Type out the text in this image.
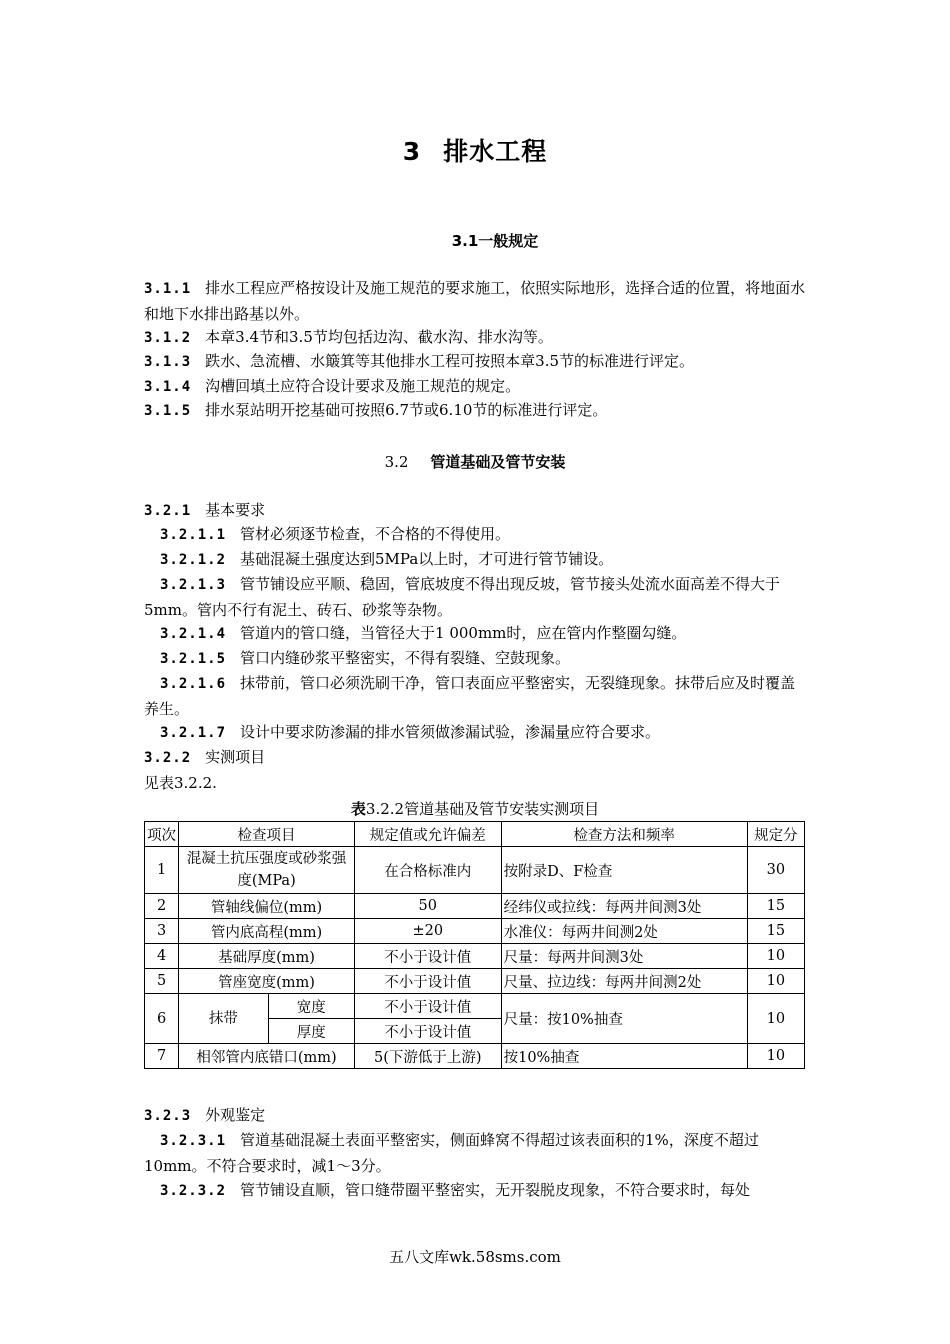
3 排水工程
3.1一般规定
3.1.1 排水工程应严格按设计及施工规范的要求施工，依照实际地形，选择合适的位置，将地面水和地下水排出路基以外。
3.1.2 本章3.4节和3.5节均包括边沟、截水沟、排水沟等。
3.1.3 跌水、急流槽、水簸箕等其他排水工程可按照本章3.5节的标准进行评定。
3.1.4 沟槽回填土应符合设计要求及施工规范的规定。
3.1.5 排水泵站明开挖基础可按照6.7节或6.10节的标准进行评定。
3.2 管道基础及管节安装
3.2.1 基本要求
3.2.1.1 管材必须逐节检查，不合格的不得使用。
3.2.1.2 基础混凝土强度达到5MPa以上时，才可进行管节铺设。
3.2.1.3 管节铺设应平顺、稳固，管底坡度不得出现反坡，管节接头处流水面高差不得大于5mm。管内不行有泥土、砖石、砂浆等杂物。
3.2.1.4 管道内的管口缝，当管径大于1 000mm时，应在管内作整圈勾缝。
3.2.1.5 管口内缝砂浆平整密实，不得有裂缝、空鼓现象。
3.2.1.6 抹带前，管口必须洗刷干净，管口表面应平整密实，无裂缝现象。抹带后应及时覆盖养生。
3.2.1.7 设计中要求防渗漏的排水管须做渗漏试验，渗漏量应符合要求。
3.2.2 实测项目
见表3.2.2.
表3.2.2管道基础及管节安装实测项目
项次	检查项目		规定值或允许偏差	检查方法和频率	规定分
1	混凝土抗压强度或砂浆强度(MPa)		在合格标准内	按附录D、F检查	30
2	管轴线偏位(mm)		50	经纬仪或拉线：每两井间测3处	15
3	管内底高程(mm)		±20	水准仪：每两井间测2处	15
4	基础厚度(mm)		不小于设计值	尺量：每两井间测3处	10
5	管座宽度(mm)		不小于设计值	尺量、拉边线：每两井间测2处	10
6	抹带	宽度	不小于设计值	尺量：按10%抽查	10
		厚度	不小于设计值		
7	相邻管内底错口(mm)		5(下游低于上游)	按10%抽查	10
3.2.3 外观鉴定
3.2.3.1 管道基础混凝土表面平整密实，侧面蜂窝不得超过该表面积的1%，深度不超过10mm。不符合要求时，减1～3分。
3.2.3.2 管节铺设直顺，管口缝带圈平整密实，无开裂脱皮现象，不符合要求时，每处
五八文库wk.58sms.com
